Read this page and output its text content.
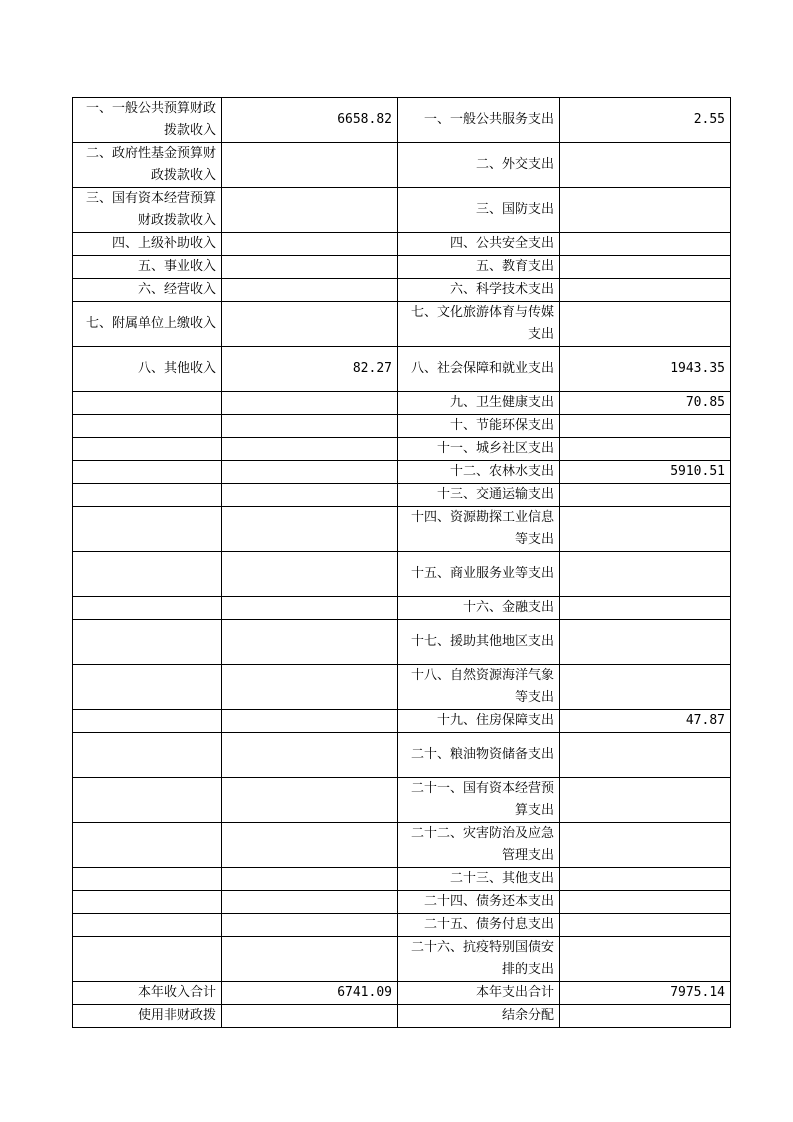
一、一般公共预算财政拨款收入	6658.82	一、一般公共服务支出	2.55
二、政府性基金预算财政拨款收入		二、外交支出	
三、国有资本经营预算财政拨款收入		三、国防支出	
四、上级补助收入		四、公共安全支出	
五、事业收入		五、教育支出	
六、经营收入		六、科学技术支出	
七、附属单位上缴收入		七、文化旅游体育与传媒支出	
八、其他收入	82.27	八、社会保障和就业支出	1943.35
		九、卫生健康支出	70.85
		十、节能环保支出	
		十一、城乡社区支出	
		十二、农林水支出	5910.51
		十三、交通运输支出	
		十四、资源勘探工业信息等支出	
		十五、商业服务业等支出	
		十六、金融支出	
		十七、援助其他地区支出	
		十八、自然资源海洋气象等支出	
		十九、住房保障支出	47.87
		二十、粮油物资储备支出	
		二十一、国有资本经营预算支出	
		二十二、灾害防治及应急管理支出	
		二十三、其他支出	
		二十四、债务还本支出	
		二十五、债务付息支出	
		二十六、抗疫特别国债安排的支出	
本年收入合计	6741.09	本年支出合计	7975.14
使用非财政拨		结余分配	
